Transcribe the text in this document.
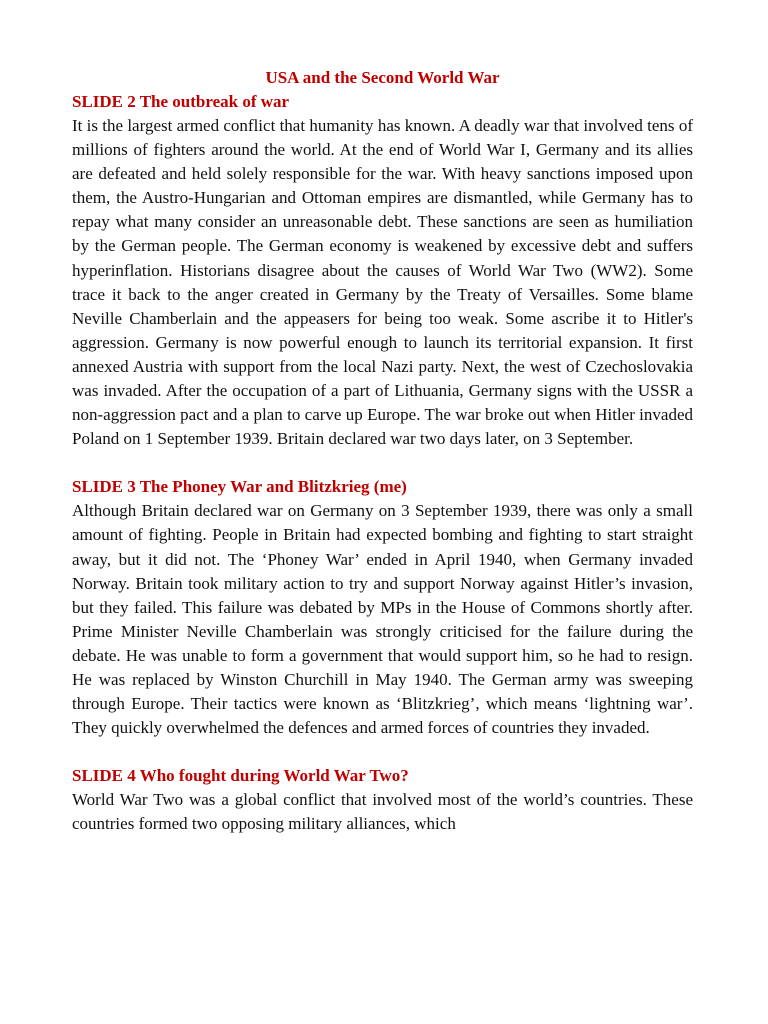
USA and the Second World War
SLIDE 2 The outbreak of war

It is the largest armed conflict that humanity has known. A deadly war that involved tens of millions of fighters around the world. At the end of World War I, Germany and its allies are defeated and held solely responsible for the war. With heavy sanctions imposed upon them, the Austro-Hungarian and Ottoman empires are dismantled, while Germany has to repay what many consider an unreasonable debt. These sanctions are seen as humiliation by the German people. The German economy is weakened by excessive debt and suffers hyperinflation. Historians disagree about the causes of World War Two (WW2). Some trace it back to the anger created in Germany by the Treaty of Versailles. Some blame Neville Chamberlain and the appeasers for being too weak. Some ascribe it to Hitler's aggression. Germany is now powerful enough to launch its territorial expansion. It first annexed Austria with support from the local Nazi party. Next, the west of Czechoslovakia was invaded. After the occupation of a part of Lithuania, Germany signs with the USSR a non-aggression pact and a plan to carve up Europe. The war broke out when Hitler invaded Poland on 1 September 1939. Britain declared war two days later, on 3 September.

SLIDE 3 The Phoney War and Blitzkrieg (me)

Although Britain declared war on Germany on 3 September 1939, there was only a small amount of fighting. People in Britain had expected bombing and fighting to start straight away, but it did not. The ‘Phoney War’ ended in April 1940, when Germany invaded Norway. Britain took military action to try and support Norway against Hitler’s invasion, but they failed. This failure was debated by MPs in the House of Commons shortly after. Prime Minister Neville Chamberlain was strongly criticised for the failure during the debate. He was unable to form a government that would support him, so he had to resign. He was replaced by Winston Churchill in May 1940. The German army was sweeping through Europe. Their tactics were known as ‘Blitzkrieg’, which means ‘lightning war’. They quickly overwhelmed the defences and armed forces of countries they invaded.

SLIDE 4 Who fought during World War Two?

World War Two was a global conflict that involved most of the world’s countries. These countries formed two opposing military alliances, which
